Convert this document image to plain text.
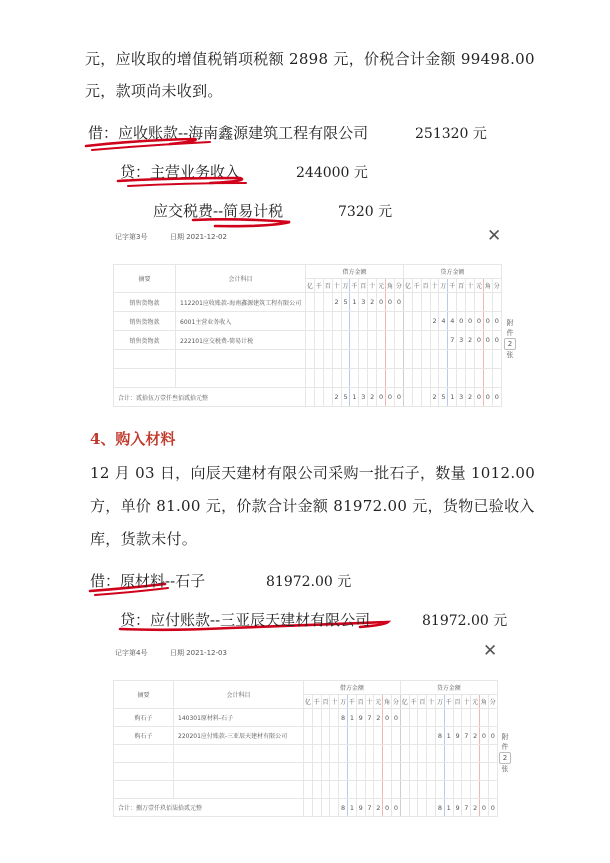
元，应收取的增值税销项税额 2898 元，价税合计金额 99498.00
元，款项尚未收到。
借：应收账款--海南鑫源建筑工程有限公司	251320 元
贷：主营业务收入	244000 元
应交税费--简易计税	7320 元
记字第3号	日期 2021-12-02	✕
摘要	会计科目	借方金额											贷方金额										
		亿	千	百	十	万	千	百	十	元	角	分	亿	千	百	十	万	千	百	十	元	角	分
销售货物款	112201应收账款-海南鑫源建筑工程有限公司				2	5	1	3	2	0	0	0											
销售货物款	6001主营业务收入															2	4	4	0	0	0	0	0
销售货物款	222101应交税费-简易计税																	7	3	2	0	0	0

合计：贰拾伍万壹仟叁佰贰拾元整					2	5	1	3	2	0	0	0				2	5	1	3	2	0	0	0
附
件
2
张
4、购入材料
12 月 03 日，向辰天建材有限公司采购一批石子，数量 1012.00
方，单价 81.00 元，价款合计金额 81972.00 元，货物已验收入
库，货款未付。
借：原材料--石子	81972.00 元
贷：应付账款--三亚辰天建材有限公司	81972.00 元
记字第4号	日期 2021-12-03	✕
摘要	会计科目	借方金额											贷方金额										
		亿	千	百	十	万	千	百	十	元	角	分	亿	千	百	十	万	千	百	十	元	角	分
购石子	140301原材料-石子					8	1	9	7	2	0	0											
购石子	220201应付账款-三亚辰天建材有限公司																8	1	9	7	2	0	0

合计：捌万壹仟玖佰柒拾贰元整						8	1	9	7	2	0	0					8	1	9	7	2	0	0
附
件
2
张
